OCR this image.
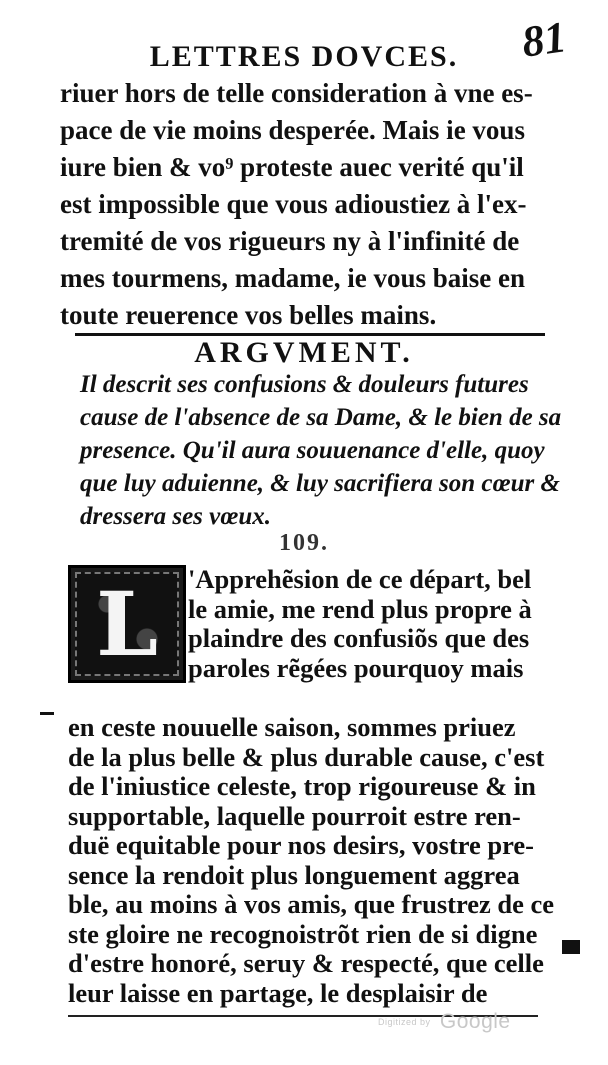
81
LETTRES DOVCES.
riuer hors de telle consideration à vne es-
pace de vie moins desperée. Mais ie vous
iure bien & vo⁹ proteste auec verité qu'il
est impossible que vous adioustiez à l'ex-
tremité de vos rigueurs ny à l'infinité de
mes tourmens, madame, ie vous baise en
toute reuerence vos belles mains.
ARGVMENT.
Il descrit ses confusions & douleurs futures
cause de l'absence de sa Dame, & le bien de sa
presence. Qu'il aura souuenance d'elle, quoy
que luy aduienne, & luy sacrifiera son cœur &
dressera ses vœux.
109.
L 'Apprehẽsion de ce départ, bel
le amie, me rend plus propre à
plaindre des confusiõs que des
paroles rẽgées pourquoy mais
en ceste nouuelle saison, sommes priuez
de la plus belle & plus durable cause, c'est
de l'iniustice celeste, trop rigoureuse & in
supportable, laquelle pourroit estre ren-
duë equitable pour nos desirs, vostre pre-
sence la rendoit plus longuement aggrea
ble, au moins à vos amis, que frustrez de ce
ste gloire ne recognoistrõt rien de si digne
d'estre honoré, seruy & respecté, que celle
leur laisse en partage, le desplaisir de
Digitized by Google
